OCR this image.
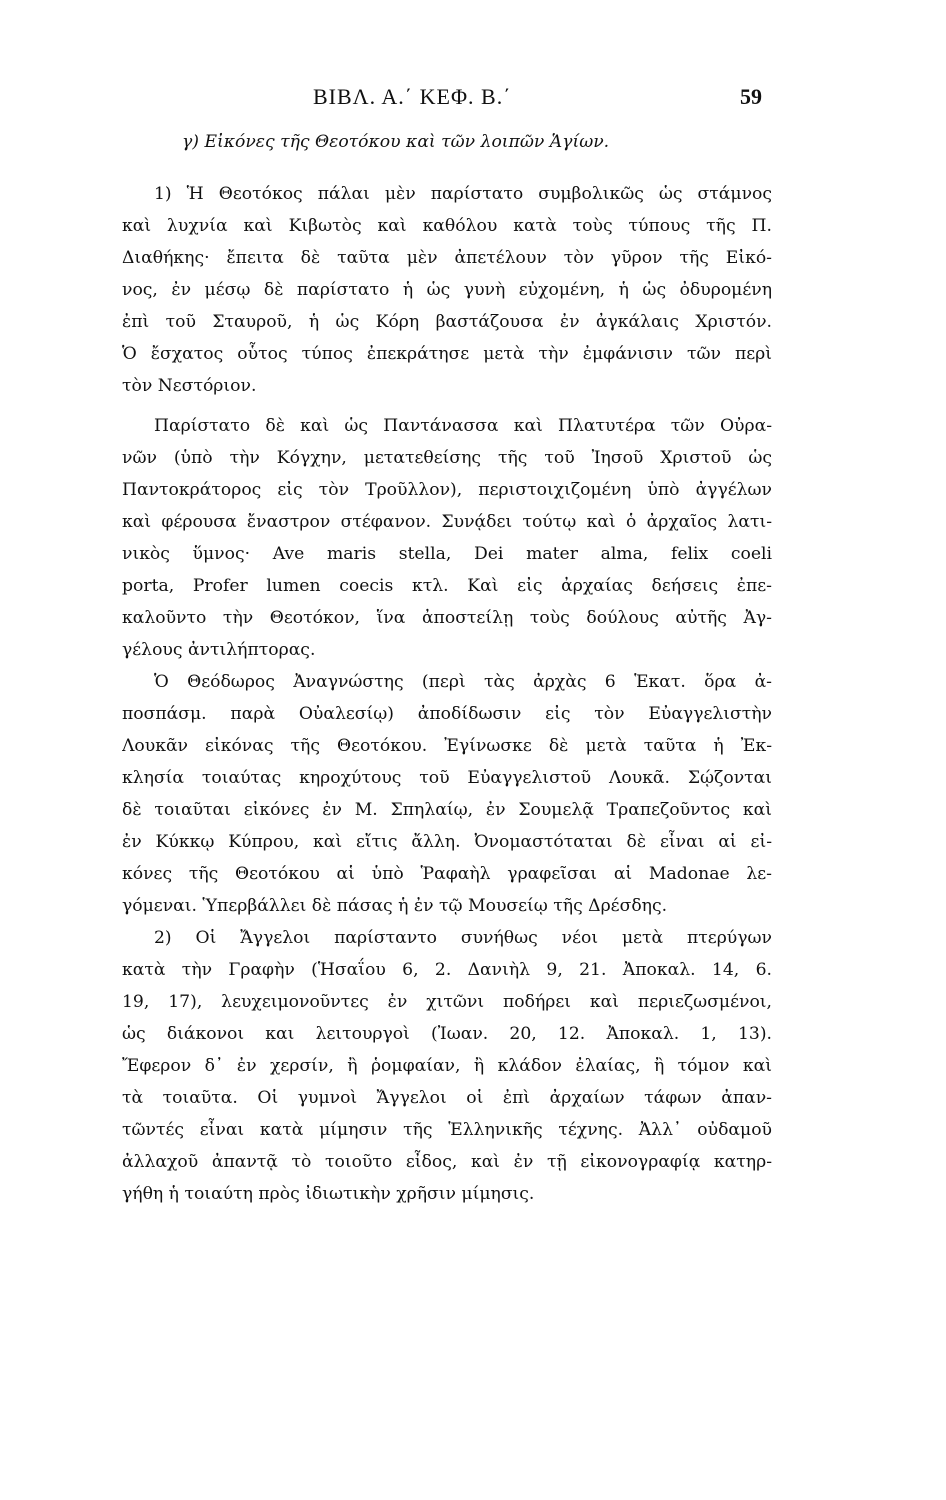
BIBΛ. Α.΄ ΚΕΦ. Β.΄	59

γ) Εἰκόνες τῆς Θεοτόκου καὶ τῶν λοιπῶν Ἁγίων.

1) Ἡ Θεοτόκος πάλαι μὲν παρίστατο συμβολικῶς ὡς στάμνος
καὶ λυχνία καὶ Κιβωτὸς καὶ καθόλου κατὰ τοὺς τύπους τῆς Π.
Διαθήκης· ἔπειτα δὲ ταῦτα μὲν ἀπετέλουν τὸν γῦρον τῆς Εἰκό-
νος, ἐν μέσῳ δὲ παρίστατο ἡ ὡς γυνὴ εὐχομένη, ἡ ὡς ὀδυρομένη
ἐπὶ τοῦ Σταυροῦ, ἡ ὡς Κόρη βαστάζουσα ἐν ἀγκάλαις Χριστόν.
Ὁ ἔσχατος οὗτος τύπος ἐπεκράτησε μετὰ τὴν ἐμφάνισιν τῶν περὶ
τὸν Νεστόριον.

Παρίστατο δὲ καὶ ὡς Παντάνασσα καὶ Πλατυτέρα τῶν Οὐρα-
νῶν (ὑπὸ τὴν Κόγχην, μετατεθείσης τῆς τοῦ Ἰησοῦ Χριστοῦ ὡς
Παντοκράτορος εἰς τὸν Τροῦλλον), περιστοιχιζομένη ὑπὸ ἀγγέλων
καὶ φέρουσα ἔναστρον στέφανον. Συνᾴδει τούτῳ καὶ ὁ ἀρχαῖος λατι-
νικὸς ὕμνος· Ave maris stella, Dei mater alma, felix coeli
porta, Profer lumen coecis κτλ. Καὶ εἰς ἀρχαίας δεήσεις ἐπε-
καλοῦντο τὴν Θεοτόκον, ἵνα ἀποστείλῃ τοὺς δούλους αὐτῆς Ἀγ-
γέλους ἀντιλήπτορας.

Ὁ Θεόδωρος Ἀναγνώστης (περὶ τὰς ἀρχὰς 6 Ἑκατ. ὅρα ἀ-
ποσπάσμ. παρὰ Οὐαλεσίῳ) ἀποδίδωσιν εἰς τὸν Εὐαγγελιστὴν
Λουκᾶν εἰκόνας τῆς Θεοτόκου. Ἐγίνωσκε δὲ μετὰ ταῦτα ἡ Ἐκ-
κλησία τοιαύτας κηροχύτους τοῦ Εὐαγγελιστοῦ Λουκᾶ. Σῴζονται
δὲ τοιαῦται εἰκόνες ἐν Μ. Σπηλαίῳ, ἐν Σουμελᾷ Τραπεζοῦντος καὶ
ἐν Κύκκῳ Κύπρου, καὶ εἴτις ἄλλη. Ὀνομαστόταται δὲ εἶναι αἱ εἰ-
κόνες τῆς Θεοτόκου αἱ ὑπὸ Ῥαφαὴλ γραφεῖσαι αἱ Madonae λε-
γόμεναι. Ὑπερβάλλει δὲ πάσας ἡ ἐν τῷ Μουσείῳ τῆς Δρέσδης.

2) Οἱ Ἄγγελοι παρίσταντο συνήθως νέοι μετὰ πτερύγων
κατὰ τὴν Γραφὴν (Ἡσαΐου 6, 2. Δανιὴλ 9, 21. Ἀποκαλ. 14, 6.
19, 17), λευχειμονοῦντες ἐν χιτῶνι ποδήρει καὶ περιεζωσμένοι,
ὡς διάκονοι και λειτουργοὶ (Ἰωαν. 20, 12. Ἀποκαλ. 1, 13).
Ἔφερον δ᾽ ἐν χερσίν, ἢ ῥομφαίαν, ἢ κλάδον ἐλαίας, ἢ τόμον καὶ
τὰ τοιαῦτα. Οἱ γυμνοὶ Ἄγγελοι οἱ ἐπὶ ἀρχαίων τάφων ἀπαν-
τῶντές εἶναι κατὰ μίμησιν τῆς Ἑλληνικῆς τέχνης. Ἀλλ᾽ οὐδαμοῦ
ἀλλαχοῦ ἀπαντᾷ τὸ τοιοῦτο εἶδος, καὶ ἐν τῇ εἰκονογραφίᾳ κατηρ-
γήθη ἡ τοιαύτη πρὸς ἰδιωτικὴν χρῆσιν μίμησις.
